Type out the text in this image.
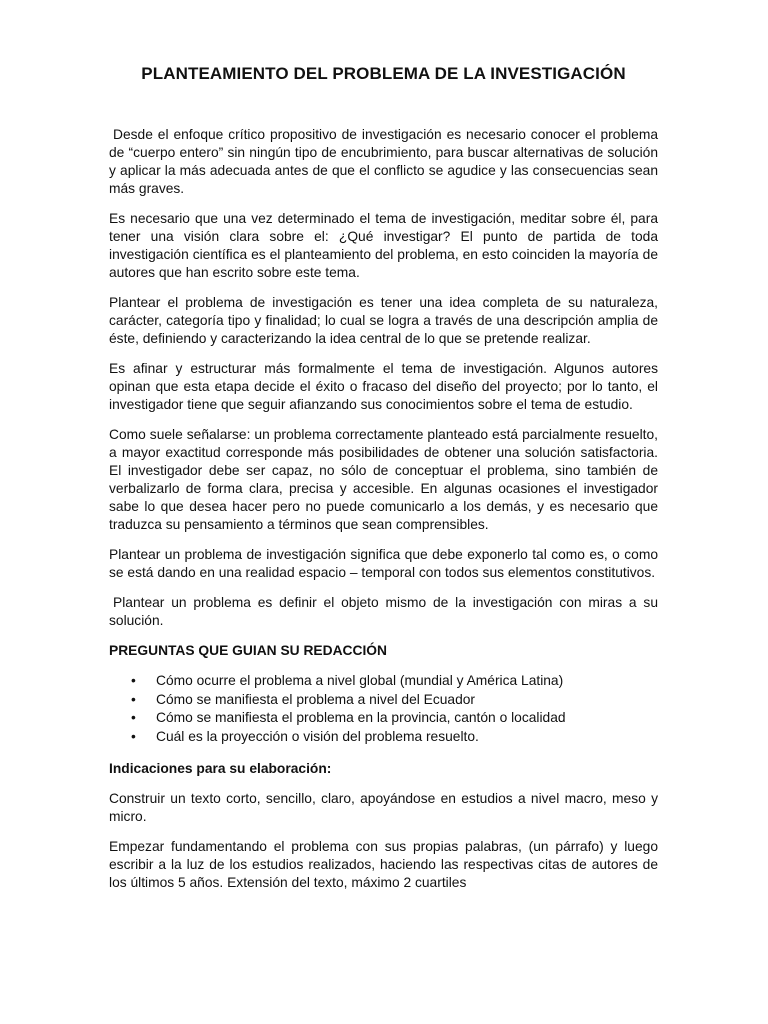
PLANTEAMIENTO DEL PROBLEMA DE LA INVESTIGACIÓN

Desde el enfoque crítico propositivo de investigación es necesario conocer el problema de “cuerpo entero” sin ningún tipo de encubrimiento, para buscar alternativas de solución y aplicar la más adecuada antes de que el conflicto se agudice y las consecuencias sean más graves.

Es necesario que una vez determinado el tema de investigación, meditar sobre él, para tener una visión clara sobre el: ¿Qué investigar? El punto de partida de toda investigación científica es el planteamiento del problema, en esto coinciden la mayoría de autores que han escrito sobre este tema.

Plantear el problema de investigación es tener una idea completa de su naturaleza, carácter, categoría tipo y finalidad; lo cual se logra a través de una descripción amplia de éste, definiendo y caracterizando la idea central de lo que se pretende realizar.

Es afinar y estructurar más formalmente el tema de investigación. Algunos autores opinan que esta etapa decide el éxito o fracaso del diseño del proyecto; por lo tanto, el investigador tiene que seguir afianzando sus conocimientos sobre el tema de estudio.

Como suele señalarse: un problema correctamente planteado está parcialmente resuelto, a mayor exactitud corresponde más posibilidades de obtener una solución satisfactoria. El investigador debe ser capaz, no sólo de conceptuar el problema, sino también de verbalizarlo de forma clara, precisa y accesible. En algunas ocasiones el investigador sabe lo que desea hacer pero no puede comunicarlo a los demás, y es necesario que traduzca su pensamiento a términos que sean comprensibles.

Plantear un problema de investigación significa que debe exponerlo tal como es, o como se está dando en una realidad espacio – temporal con todos sus elementos constitutivos.

Plantear un problema es definir el objeto mismo de la investigación con miras a su solución.

PREGUNTAS QUE GUIAN SU REDACCIÓN
• Cómo ocurre el problema a nivel global (mundial y América Latina)
• Cómo se manifiesta el problema a nivel del Ecuador
• Cómo se manifiesta el problema en la provincia, cantón o localidad
• Cuál es la proyección o visión del problema resuelto.
Indicaciones para su elaboración:

Construir un texto corto, sencillo, claro, apoyándose en estudios a nivel macro, meso y micro.

Empezar fundamentando el problema con sus propias palabras, (un párrafo) y luego escribir a la luz de los estudios realizados, haciendo las respectivas citas de autores de los últimos 5 años. Extensión del texto, máximo 2 cuartiles
